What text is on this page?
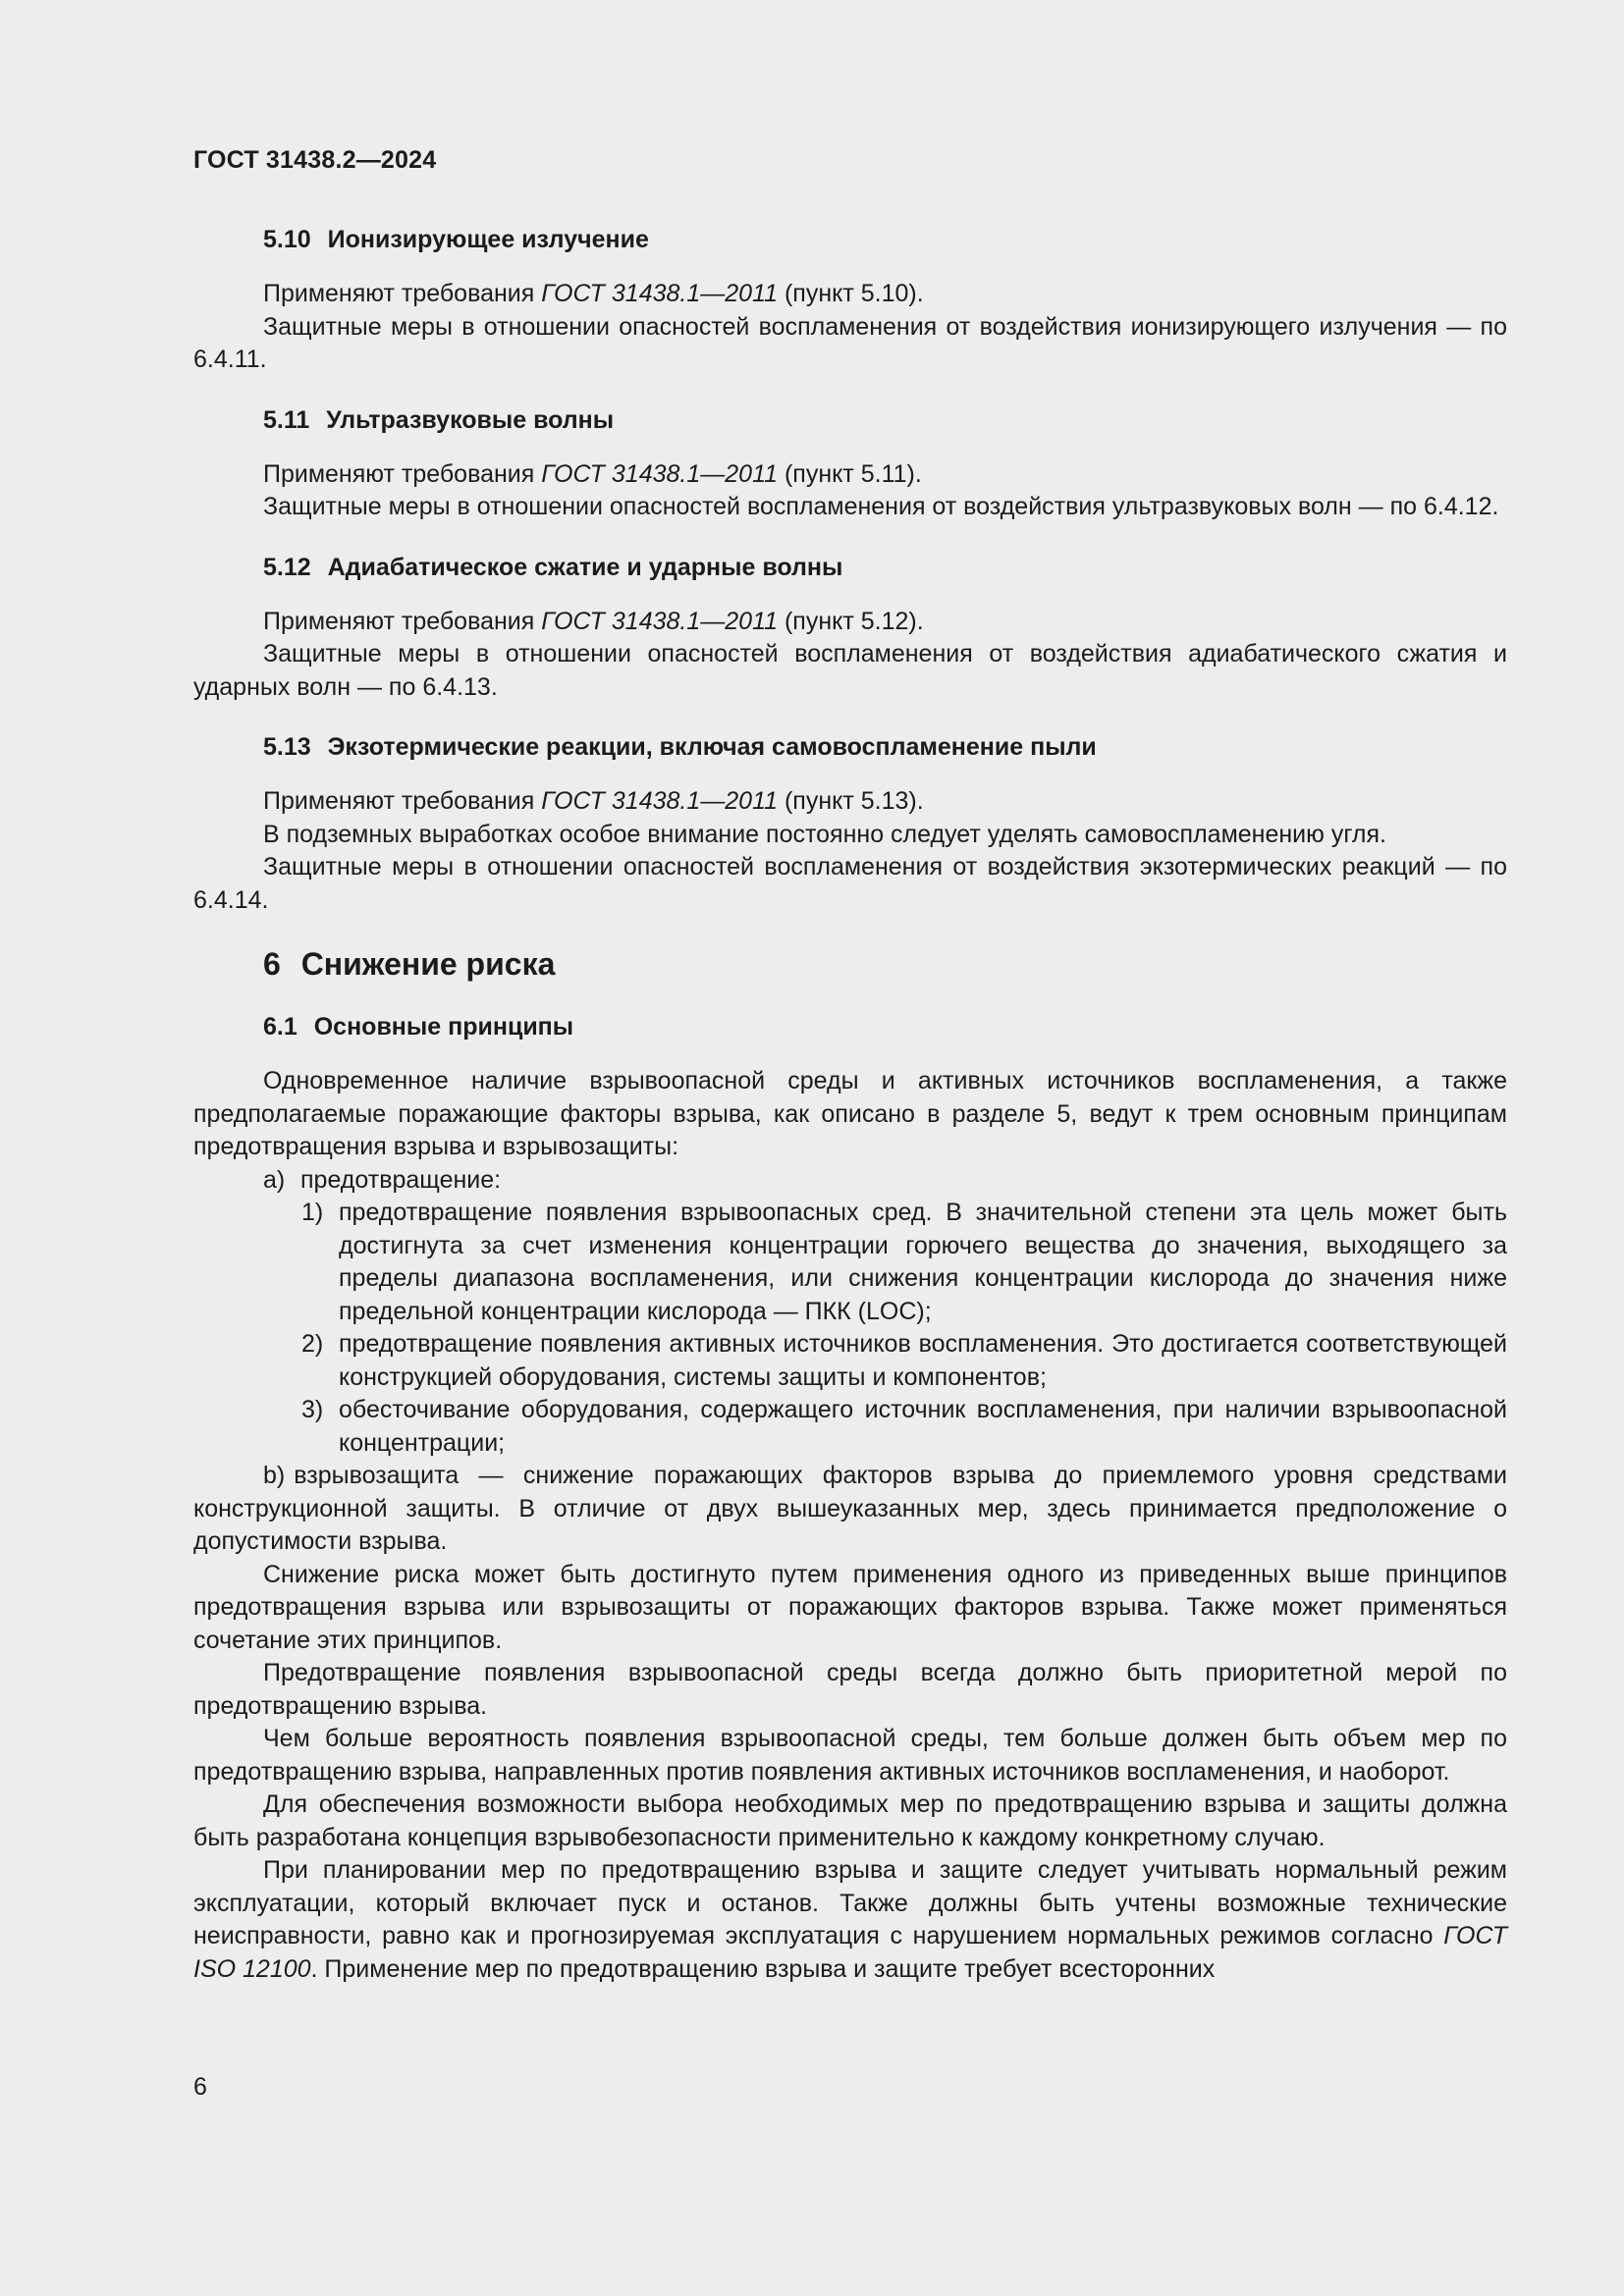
ГОСТ 31438.2—2024
5.10 Ионизирующее излучение

Применяют требования ГОСТ 31438.1—2011 (пункт 5.10).

Защитные меры в отношении опасностей воспламенения от воздействия ионизирующего излучения — по 6.4.11.

5.11 Ультразвуковые волны

Применяют требования ГОСТ 31438.1—2011 (пункт 5.11).

Защитные меры в отношении опасностей воспламенения от воздействия ультразвуковых волн — по 6.4.12.

5.12 Адиабатическое сжатие и ударные волны

Применяют требования ГОСТ 31438.1—2011 (пункт 5.12).

Защитные меры в отношении опасностей воспламенения от воздействия адиабатического сжатия и ударных волн — по 6.4.13.

5.13 Экзотермические реакции, включая самовоспламенение пыли

Применяют требования ГОСТ 31438.1—2011 (пункт 5.13).

В подземных выработках особое внимание постоянно следует уделять самовоспламенению угля.

Защитные меры в отношении опасностей воспламенения от воздействия экзотермических реакций — по 6.4.14.

6 Снижение риска
6.1 Основные принципы

Одновременное наличие взрывоопасной среды и активных источников воспламенения, а также предполагаемые поражающие факторы взрыва, как описано в разделе 5, ведут к трем основным принципам предотвращения взрыва и взрывозащиты:

a) предотвращение:
1) предотвращение появления взрывоопасных сред. В значительной степени эта цель может быть достигнута за счет изменения концентрации горючего вещества до значения, выходящего за пределы диапазона воспламенения, или снижения концентрации кислорода до значения ниже предельной концентрации кислорода — ПКК (LOC);
2) предотвращение появления активных источников воспламенения. Это достигается соответствующей конструкцией оборудования, системы защиты и компонентов;
3) обесточивание оборудования, содержащего источник воспламенения, при наличии взрывоопасной концентрации;
b) взрывозащита — снижение поражающих факторов взрыва до приемлемого уровня средствами конструкционной защиты. В отличие от двух вышеуказанных мер, здесь принимается предположение о допустимости взрыва.

Снижение риска может быть достигнуто путем применения одного из приведенных выше принципов предотвращения взрыва или взрывозащиты от поражающих факторов взрыва. Также может применяться сочетание этих принципов.

Предотвращение появления взрывоопасной среды всегда должно быть приоритетной мерой по предотвращению взрыва.

Чем больше вероятность появления взрывоопасной среды, тем больше должен быть объем мер по предотвращению взрыва, направленных против появления активных источников воспламенения, и наоборот.

Для обеспечения возможности выбора необходимых мер по предотвращению взрыва и защиты должна быть разработана концепция взрывобезопасности применительно к каждому конкретному случаю.

При планировании мер по предотвращению взрыва и защите следует учитывать нормальный режим эксплуатации, который включает пуск и останов. Также должны быть учтены возможные технические неисправности, равно как и прогнозируемая эксплуатация с нарушением нормальных режимов согласно ГОСТ ISO 12100. Применение мер по предотвращению взрыва и защите требует всесторонних

6
